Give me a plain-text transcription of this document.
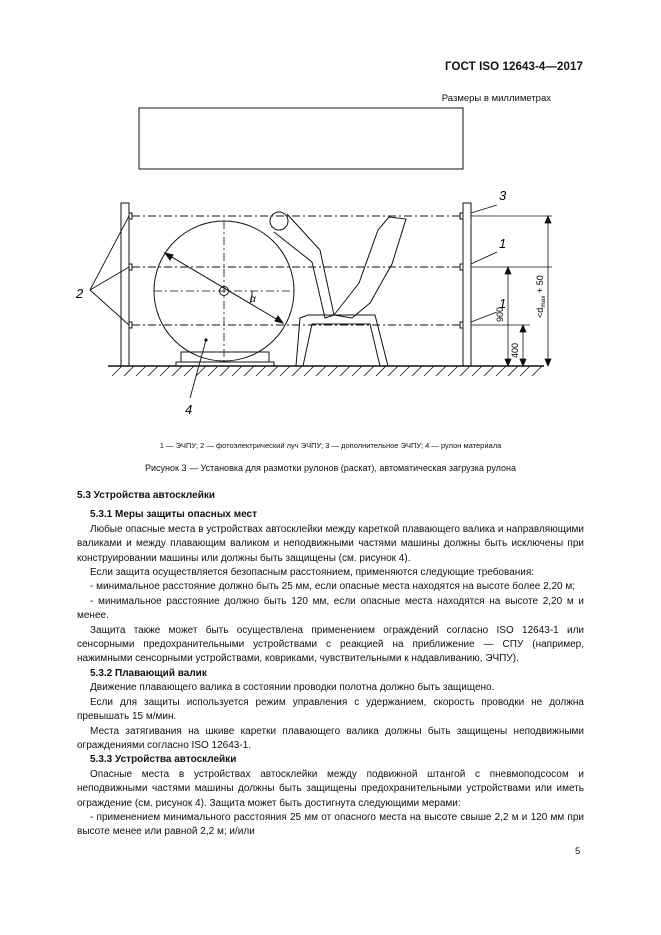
ГОСТ ISO 12643-4—2017
Размеры в миллиметрах
2
3
1
1
4
α
400
900	$<d_{max} + 50$
1 — ЭЧПУ; 2 — фотоэлектрический луч ЭЧПУ; 3 — дополнительное ЭЧПУ; 4 — рулон материала
Рисунок 3 — Установка для размотки рулонов (раскат), автоматическая загрузка рулона

5.3 Устройства автосклейки

5.3.1 Меры защиты опасных мест

Любые опасные места в устройствах автосклейки между кареткой плавающего валика и направляющими валиками и между плавающим валиком и неподвижными частями машины должны быть исключены при конструировании машины или должны быть защищены (см. рисунок 4).

Если защита осуществляется безопасным расстоянием, применяются следующие требования:

- минимальное расстояние должно быть 25 мм, если опасные места находятся на высоте более 2,20 м;

- минимальное расстояние должно быть 120 мм, если опасные места находятся на высоте 2,20 м и менее.

Защита также может быть осуществлена применением ограждений согласно ISO 12643-1 или сенсорными предохранительными устройствами с реакцией на приближение — СПУ (например, нажимными сенсорными устройствами, ковриками, чувствительными к надавливанию, ЭЧПУ).

5.3.2 Плавающий валик

Движение плавающего валика в состоянии проводки полотна должно быть защищено.

Если для защиты используется режим управления с удержанием, скорость проводки не должна превышать 15 м/мин.

Места затягивания на шкиве каретки плавающего валика должны быть защищены неподвижными ограждениями согласно ISO 12643-1.

5.3.3 Устройства автосклейки

Опасные места в устройствах автосклейки между подвижной штангой с пневмоподсосом и неподвижными частями машины должны быть защищены предохранительными устройствами или иметь ограждение (см. рисунок 4). Защита может быть достигнута следующими мерами:

- применением минимального расстояния 25 мм от опасного места на высоте свыше 2,2 м и 120 мм при высоте менее или равной 2,2 м; и/или

5
